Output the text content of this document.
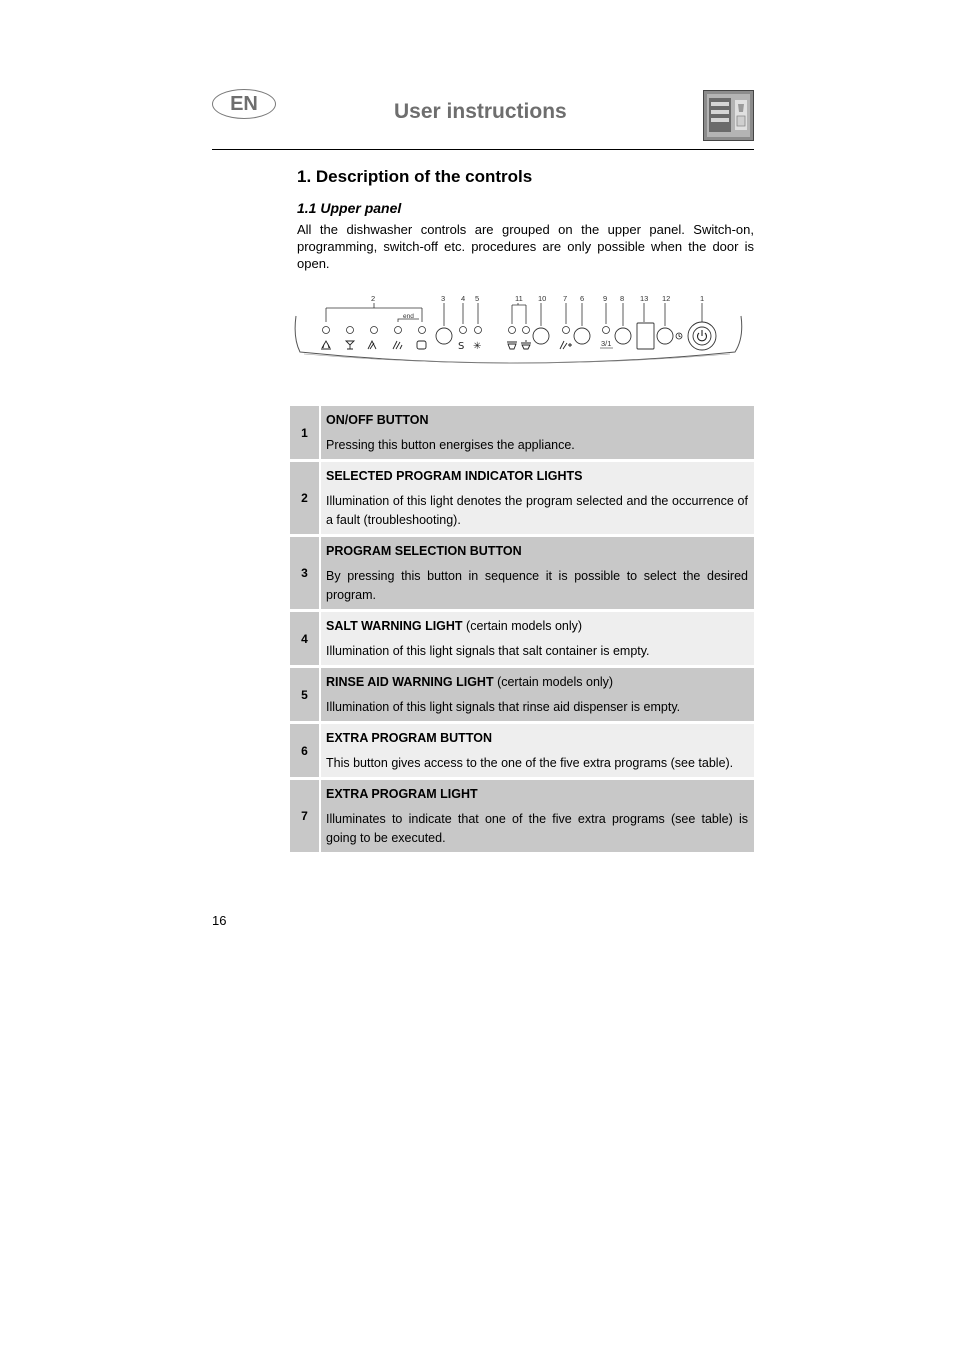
EN	User instructions
1. Description of the controls
1.1 Upper panel
All the dishwasher controls are grouped on the upper panel. Switch-on, programming, switch-off etc. procedures are only possible when the door is open.
2	3 4 5	11 10 7 6	9 8 13 12	1
end
S ✳	3/1
1
ON/OFF BUTTON
Pressing this button energises the appliance.
2
SELECTED PROGRAM INDICATOR LIGHTS
Illumination of this light denotes the program selected and the occurrence of a fault (troubleshooting).
3
PROGRAM SELECTION BUTTON
By pressing this button in sequence it is possible to select the desired program.
4
SALT WARNING LIGHT (certain models only)
Illumination of this light signals that salt container is empty.
5
RINSE AID WARNING LIGHT (certain models only)
Illumination of this light signals that rinse aid dispenser is empty.
6
EXTRA PROGRAM BUTTON
This button gives access to the one of the five extra programs (see table).
7
EXTRA PROGRAM LIGHT
Illuminates to indicate that one of the five extra programs (see table) is going to be executed.
16
